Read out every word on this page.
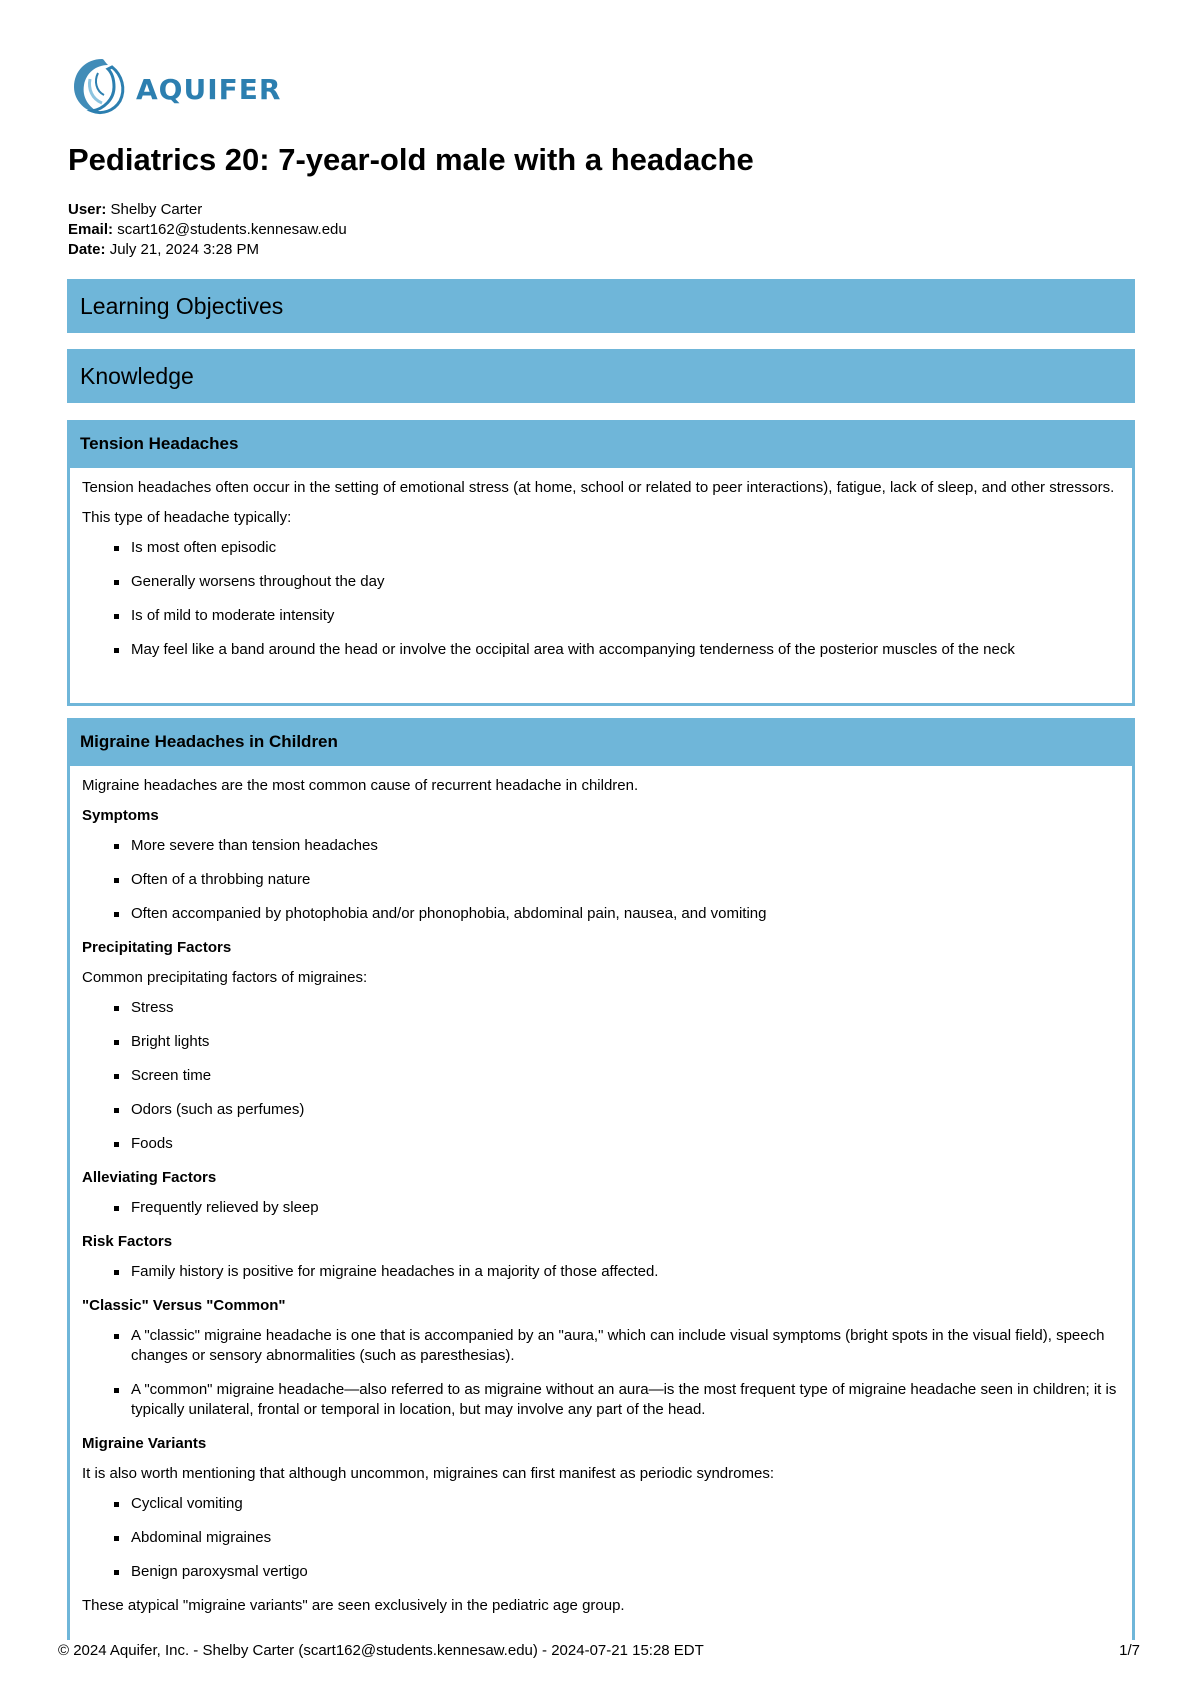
AQUIFER
Pediatrics 20: 7-year-old male with a headache
User: Shelby Carter
Email: scart162@students.kennesaw.edu
Date: July 21, 2024 3:28 PM
Learning Objectives
Knowledge
Tension Headaches

Tension headaches often occur in the setting of emotional stress (at home, school or related to peer interactions), fatigue, lack of sleep, and other stressors.

This type of headache typically:

Is most often episodic
Generally worsens throughout the day
Is of mild to moderate intensity
May feel like a band around the head or involve the occipital area with accompanying tenderness of the posterior muscles of the neck
Migraine Headaches in Children

Migraine headaches are the most common cause of recurrent headache in children.

Symptoms
More severe than tension headaches
Often of a throbbing nature
Often accompanied by photophobia and/or phonophobia, abdominal pain, nausea, and vomiting
Precipitating Factors

Common precipitating factors of migraines:

Stress
Bright lights
Screen time
Odors (such as perfumes)
Foods
Alleviating Factors
Frequently relieved by sleep
Risk Factors
Family history is positive for migraine headaches in a majority of those affected.
"Classic" Versus "Common"
A "classic" migraine headache is one that is accompanied by an "aura," which can include visual symptoms (bright spots in the visual field), speech changes or sensory abnormalities (such as paresthesias).
A "common" migraine headache—also referred to as migraine without an aura—is the most frequent type of migraine headache seen in children; it is typically unilateral, frontal or temporal in location, but may involve any part of the head.
Migraine Variants

It is also worth mentioning that although uncommon, migraines can first manifest as periodic syndromes:

Cyclical vomiting
Abdominal migraines
Benign paroxysmal vertigo

These atypical "migraine variants" are seen exclusively in the pediatric age group.

© 2024 Aquifer, Inc. - Shelby Carter (scart162@students.kennesaw.edu) - 2024-07-21 15:28 EDT	1/7
